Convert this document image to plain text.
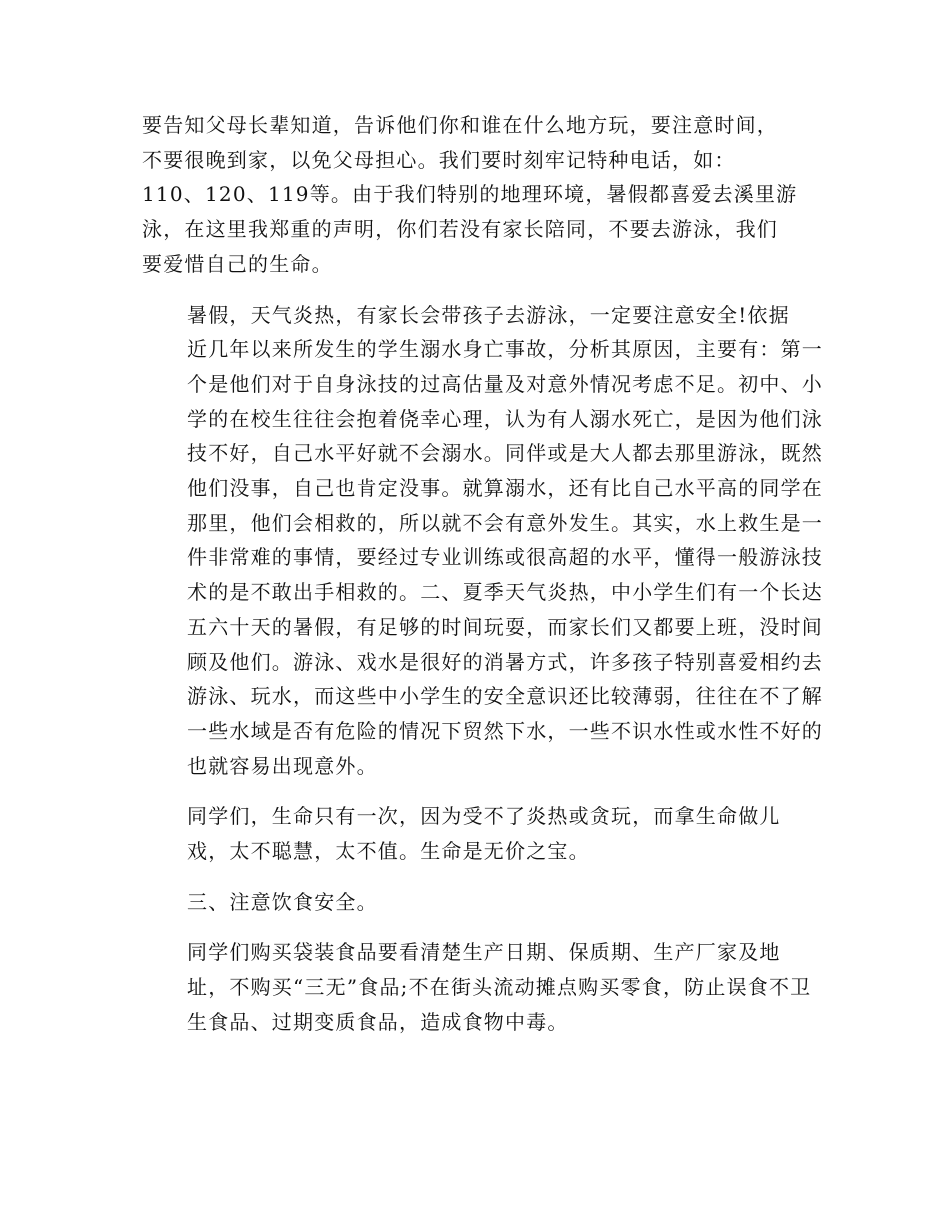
要告知父母长辈知道，告诉他们你和谁在什么地方玩，要注意时间，
不要很晚到家，以免父母担心。我们要时刻牢记特种电话，如：
110、120、119等。由于我们特别的地理环境，暑假都喜爱去溪里游
泳，在这里我郑重的声明，你们若没有家长陪同，不要去游泳，我们
要爱惜自己的生命。

暑假，天气炎热，有家长会带孩子去游泳，一定要注意安全!依据
近几年以来所发生的学生溺水身亡事故，分析其原因，主要有：第一
个是他们对于自身泳技的过高估量及对意外情况考虑不足。初中、小
学的在校生往往会抱着侥幸心理，认为有人溺水死亡，是因为他们泳
技不好，自己水平好就不会溺水。同伴或是大人都去那里游泳，既然
他们没事，自己也肯定没事。就算溺水，还有比自己水平高的同学在
那里，他们会相救的，所以就不会有意外发生。其实，水上救生是一
件非常难的事情，要经过专业训练或很高超的水平，懂得一般游泳技
术的是不敢出手相救的。二、夏季天气炎热，中小学生们有一个长达
五六十天的暑假，有足够的时间玩耍，而家长们又都要上班，没时间
顾及他们。游泳、戏水是很好的消暑方式，许多孩子特别喜爱相约去
游泳、玩水，而这些中小学生的安全意识还比较薄弱，往往在不了解
一些水域是否有危险的情况下贸然下水，一些不识水性或水性不好的
也就容易出现意外。

同学们，生命只有一次，因为受不了炎热或贪玩，而拿生命做儿
戏，太不聪慧，太不值。生命是无价之宝。

三、注意饮食安全。

同学们购买袋装食品要看清楚生产日期、保质期、生产厂家及地
址，不购买“三无”食品;不在街头流动摊点购买零食，防止误食不卫
生食品、过期变质食品，造成食物中毒。
